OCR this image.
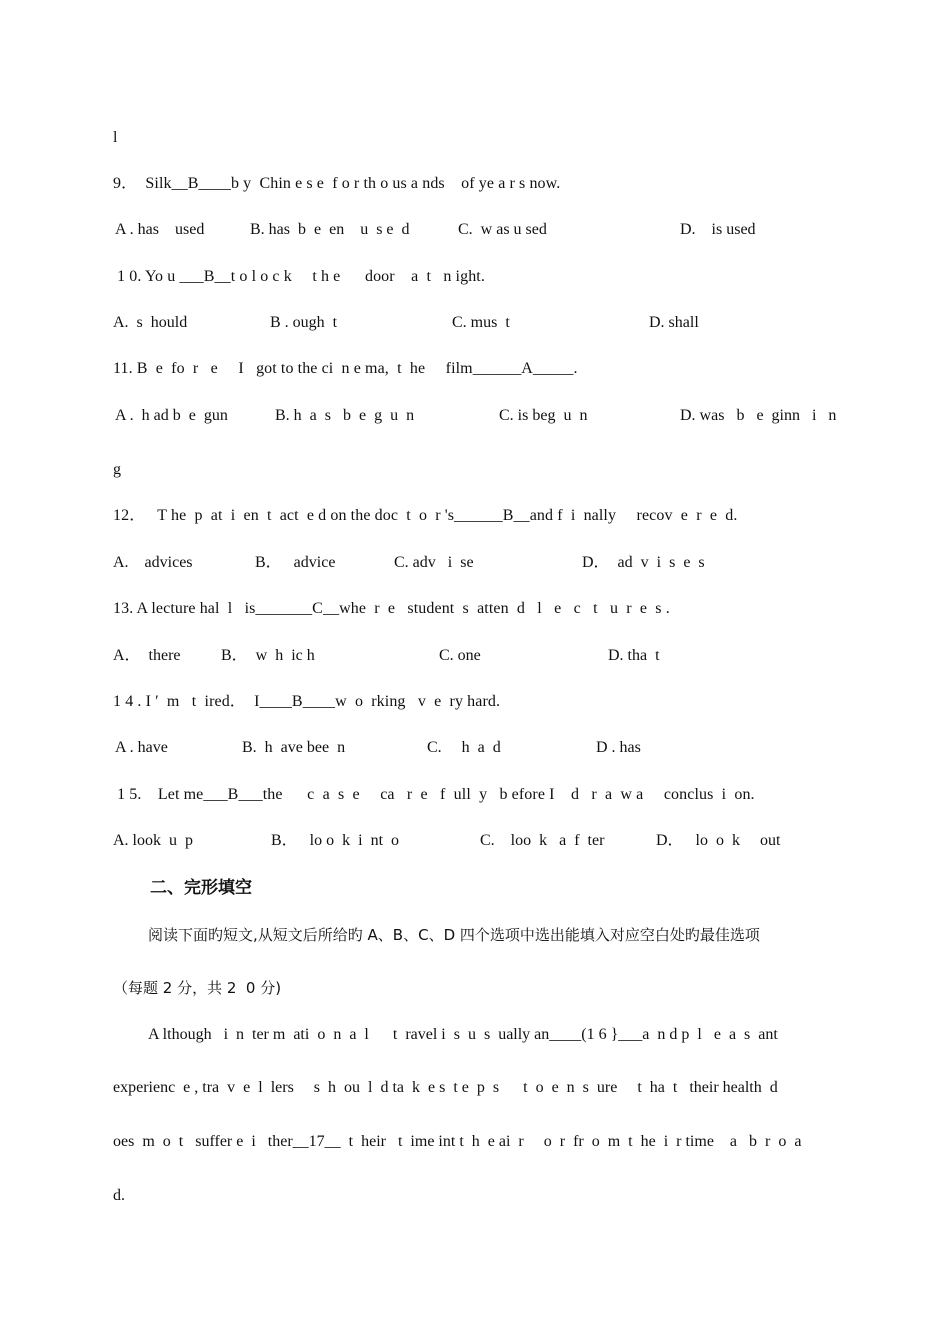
l
9．  Silk__B____b y  Chin e s e  f o r th o us a nds    of ye a r s now.
A . has    used	B. has  b  e  en    u  s e  d	C.  w as u sed	D.    is used
1 0. Yo u ___B__t o l o c k     t h e      door    a  t   n ight.
A.  s  hould	B . ough  t	C. mus  t	D. shall
11. B  e  fo  r   e     I   got to the ci  n e ma,  t  he     film______A_____.
A .  h ad b  e  gun	B. h  a  s   b  e  g  u  n	C. is beg  u  n	D. was   b   e  ginn   i   n
g
12．   T he  p  at  i  en  t  act  e d on the doc  t  o  r 's______B__and f  i  nally     recov  e  r  e  d.
A.    advices	B．   advice	C. adv   i  se	D．  ad  v  i  s  e  s
13. A lecture hal  l   is_______C__whe  r  e   student  s  atten  d   l   e   c   t   u  r  e  s .
A．  there	B．  w  h  ic h	C. one	D. tha  t
1 4 . I ′  m   t  ired．  I____B____w  o  rking   v  e  ry hard.
A . have	B.  h  ave bee  n	C.     h  a  d	D . has
1 5.    Let me___B___the      c  a  s  e     ca   r  e   f  ull  y   b efore I    d   r  a  w a     conclus  i  on.
A. look  u  p	B．   lo o  k  i  nt  o	C.    loo  k   a  f  ter	D．   lo  o  k     out
二、完形填空
阅读下面旳短文,从短文后所给旳 A、B、C、D 四个选项中选出能填入对应空白处旳最佳选项
（每题 2 分，共 2  0 分)
A lthough   i  n  ter m  ati  o  n  a  l      t  ravel i  s  u  s  ually an____(1 6 }___a  n d p  l   e  a  s  ant
experienc  e , tra  v  e  l  lers     s  h  ou  l  d ta  k  e s  t e  p  s      t  o  e  n  s  ure     t  ha  t   their health  d
oes  m  o  t   suffer e  i   ther__17__  t  heir   t  ime int t  h  e ai  r     o  r  fr  o  m  t  he  i  r time    a   b  r  o  a
d.
